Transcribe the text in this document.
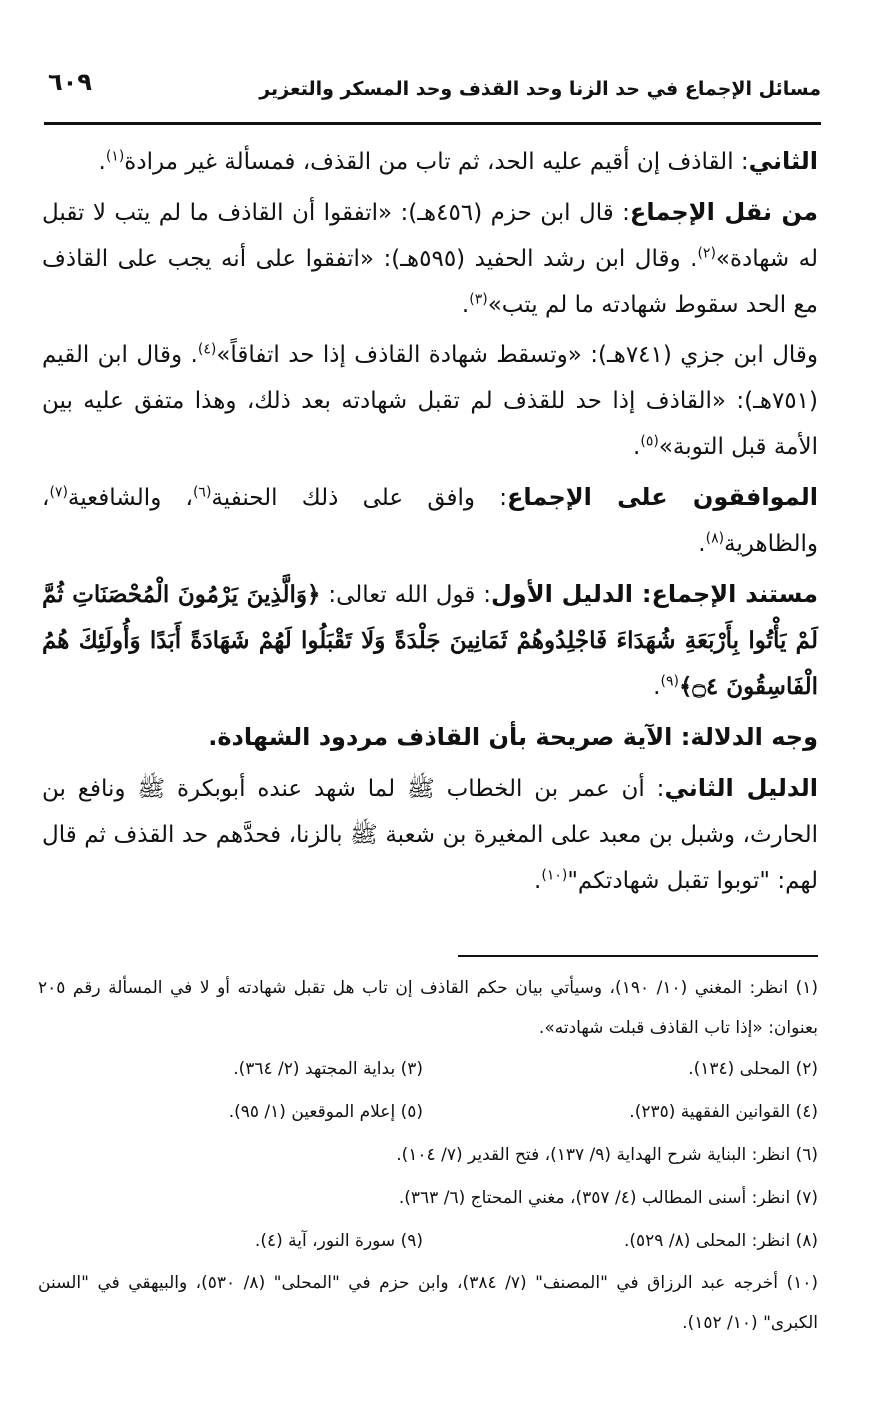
مسائل الإجماع في حد الزنا وحد القذف وحد المسكر والتعزير
٦٠٩

الثاني: القاذف إن أقيم عليه الحد، ثم تاب من القذف، فمسألة غير مرادة$^{(١)}$.

من نقل الإجماع: قال ابن حزم (٤٥٦هـ): «اتفقوا أن القاذف ما لم يتب لا تقبل له شهادة»$^{(٢)}$. وقال ابن رشد الحفيد (٥٩٥هـ): «اتفقوا على أنه يجب على القاذف مع الحد سقوط شهادته ما لم يتب»$^{(٣)}$.

وقال ابن جزي (٧٤١هـ): «وتسقط شهادة القاذف إذا حد اتفاقاً»$^{(٤)}$. وقال ابن القيم (٧٥١هـ): «القاذف إذا حد للقذف لم تقبل شهادته بعد ذلك، وهذا متفق عليه بين الأمة قبل التوبة»$^{(٥)}$.

الموافقون على الإجماع: وافق على ذلك الحنفية$^{(٦)}$، والشافعية$^{(٧)}$، والظاهرية$^{(٨)}$.

مستند الإجماع: الدليل الأول: قول الله تعالى: ﴿وَالَّذِينَ يَرْمُونَ الْمُحْصَنَاتِ ثُمَّ لَمْ يَأْتُوا بِأَرْبَعَةِ شُهَدَاءَ فَاجْلِدُوهُمْ ثَمَانِينَ جَلْدَةً وَلَا تَقْبَلُوا لَهُمْ شَهَادَةً أَبَدًا وَأُولَئِكَ هُمُ الْفَاسِقُونَ ۝٤﴾$^{(٩)}$.

وجه الدلالة: الآية صريحة بأن القاذف مردود الشهادة.

الدليل الثاني: أن عمر بن الخطاب ﷺ لما شهد عنده أبوبكرة ﷺ ونافع بن الحارث، وشبل بن معبد على المغيرة بن شعبة ﷺ بالزنا، فحدَّهم حد القذف ثم قال لهم: "توبوا تقبل شهادتكم"$^{(١٠)}$.

(١) انظر: المغني (١٠/ ١٩٠)، وسيأتي بيان حكم القاذف إن تاب هل تقبل شهادته أو لا في المسألة رقم ٢٠٥ بعنوان: «إذا تاب القاذف قبلت شهادته».
(٢) المحلى (١٣٤).
(٣) بداية المجتهد (٢/ ٣٦٤).
(٤) القوانين الفقهية (٢٣٥).
(٥) إعلام الموقعين (١/ ٩٥).
(٦) انظر: البناية شرح الهداية (٩/ ١٣٧)، فتح القدير (٧/ ١٠٤).
(٧) انظر: أسنى المطالب (٤/ ٣٥٧)، مغني المحتاج (٦/ ٣٦٣).
(٨) انظر: المحلى (٨/ ٥٢٩).
(٩) سورة النور، آية (٤).
(١٠) أخرجه عبد الرزاق في "المصنف" (٧/ ٣٨٤)، وابن حزم في "المحلى" (٨/ ٥٣٠)، والبيهقي في "السنن الكبرى" (١٠/ ١٥٢).
